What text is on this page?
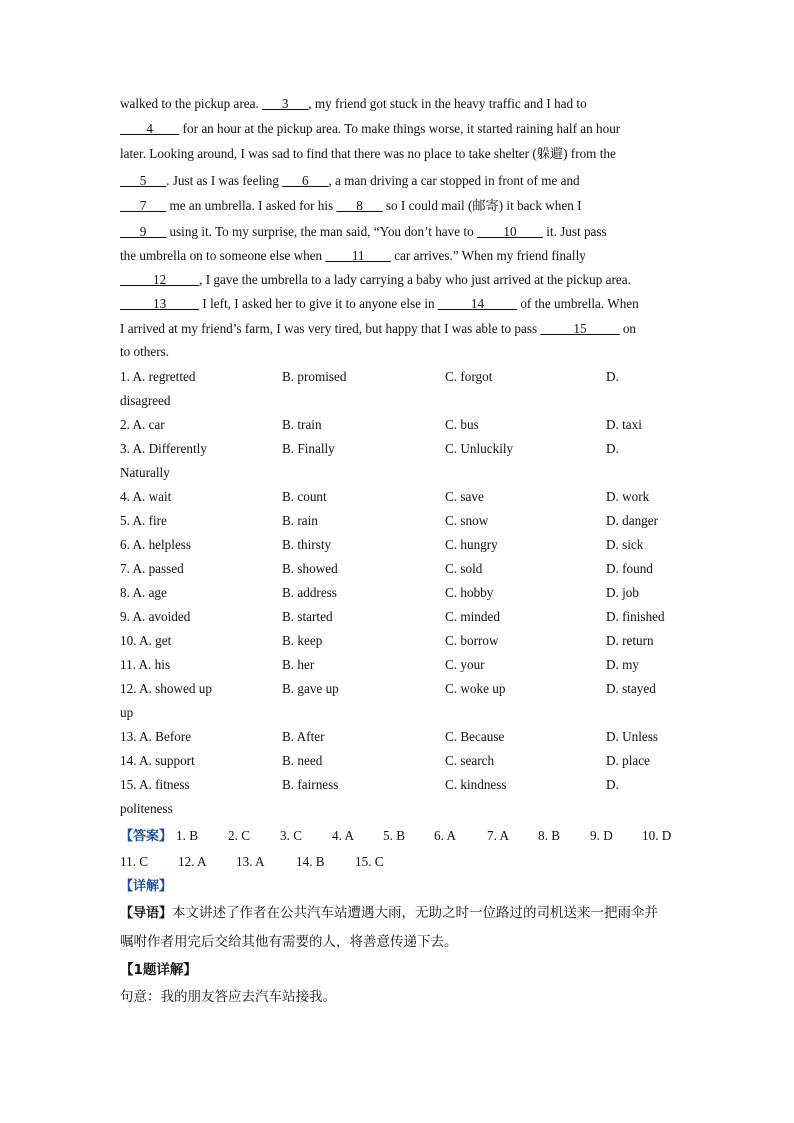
walked to the pickup area. ___3___, my friend got stuck in the heavy traffic and I had to
____4____ for an hour at the pickup area. To make things worse, it started raining half an hour
later. Looking around, I was sad to find that there was no place to take shelter (躲避) from the
___5___. Just as I was feeling ___6___, a man driving a car stopped in front of me and
___7___ me an umbrella. I asked for his ___8___ so I could mail (邮寄) it back when I
___9___ using it. To my surprise, the man said, “You don’t have to ____10____ it. Just pass
the umbrella on to someone else when ____11____ car arrives.” When my friend finally
_____12_____, I gave the umbrella to a lady carrying a baby who just arrived at the pickup area.
_____13_____ I left, I asked her to give it to anyone else in _____14_____ of the umbrella. When
I arrived at my friend’s farm, I was very tired, but happy that I was able to pass _____15_____ on
to others.
1. A. regretted	B. promised	C. forgot	D.
disagreed
2. A. car	B. train	C. bus	D. taxi
3. A. Differently	B. Finally	C. Unluckily	D.
Naturally
4. A. wait	B. count	C. save	D. work
5. A. fire	B. rain	C. snow	D. danger
6. A. helpless	B. thirsty	C. hungry	D. sick
7. A. passed	B. showed	C. sold	D. found
8. A. age	B. address	C. hobby	D. job
9. A. avoided	B. started	C. minded	D. finished
10. A. get	B. keep	C. borrow	D. return
11. A. his	B. her	C. your	D. my
12. A. showed up	B. gave up	C. woke up	D. stayed
up
13. A. Before	B. After	C. Because	D. Unless
14. A. support	B. need	C. search	D. place
15. A. fitness	B. fairness	C. kindness	D.
politeness
【答案】 1. B 2. C 3. C 4. A 5. B 6. A 7. A 8. B 9. D 10. D
11. C 12. A 13. A 14. B 15. C
【详解】
【导语】本文讲述了作者在公共汽车站遭遇大雨，无助之时一位路过的司机送来一把雨伞并
嘱咐作者用完后交给其他有需要的人，将善意传递下去。
【1题详解】
句意：我的朋友答应去汽车站接我。
